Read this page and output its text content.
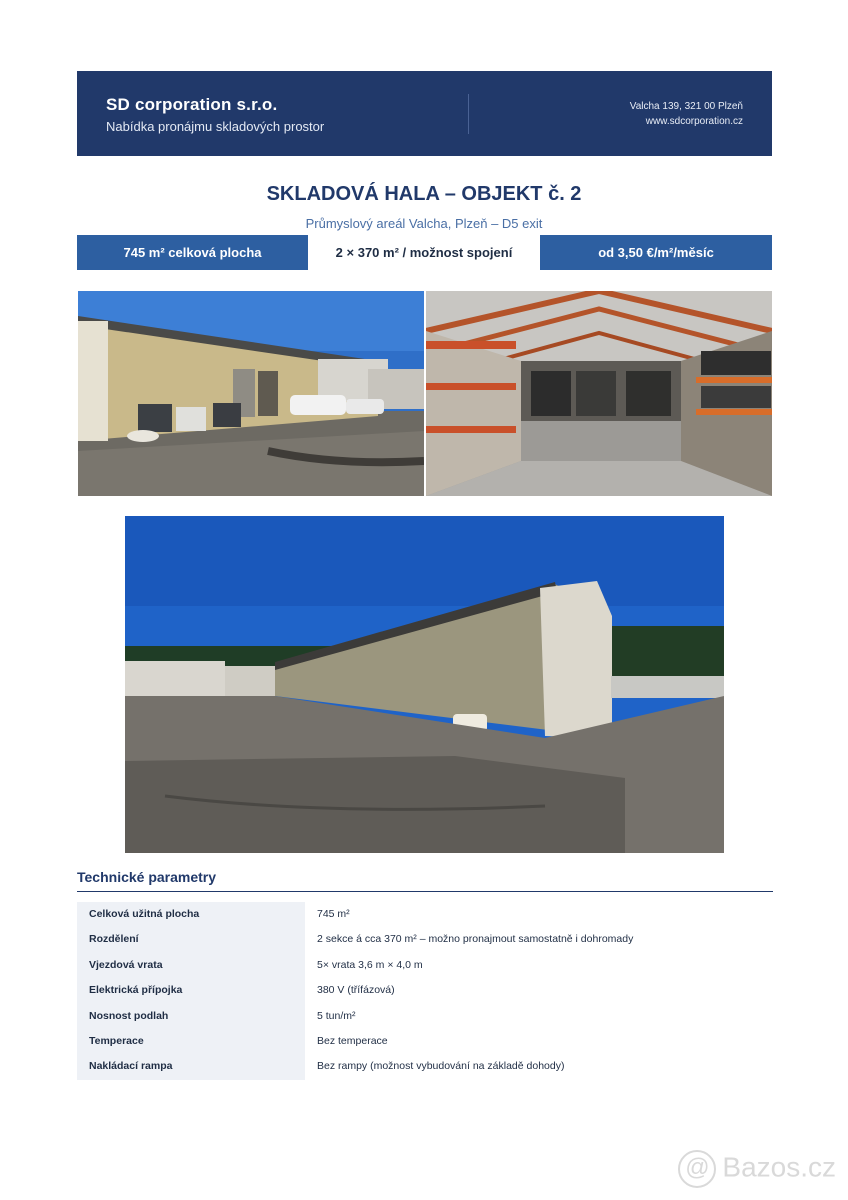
SD corporation s.r.o.
Nabídka pronájmu skladových prostor
Valcha 139, 321 00 Plzeň
www.sdcorporation.cz
SKLADOVÁ HALA – OBJEKT č. 2
Průmyslový areál Valcha, Plzeň – D5 exit
745 m² celková plocha	2 × 370 m² / možnost spojení	od 3,50 €/m²/měsíc
Technické parametry
Celková užitná plocha	745 m²
Rozdělení	2 sekce á cca 370 m² – možno pronajmout samostatně i dohromady
Vjezdová vrata	5× vrata 3,6 m × 4,0 m
Elektrická přípojka	380 V (třífázová)
Nosnost podlah	5 tun/m²
Temperace	Bez temperace
Nakládací rampa	Bez rampy (možnost vybudování na základě dohody)
@ Bazos.cz
